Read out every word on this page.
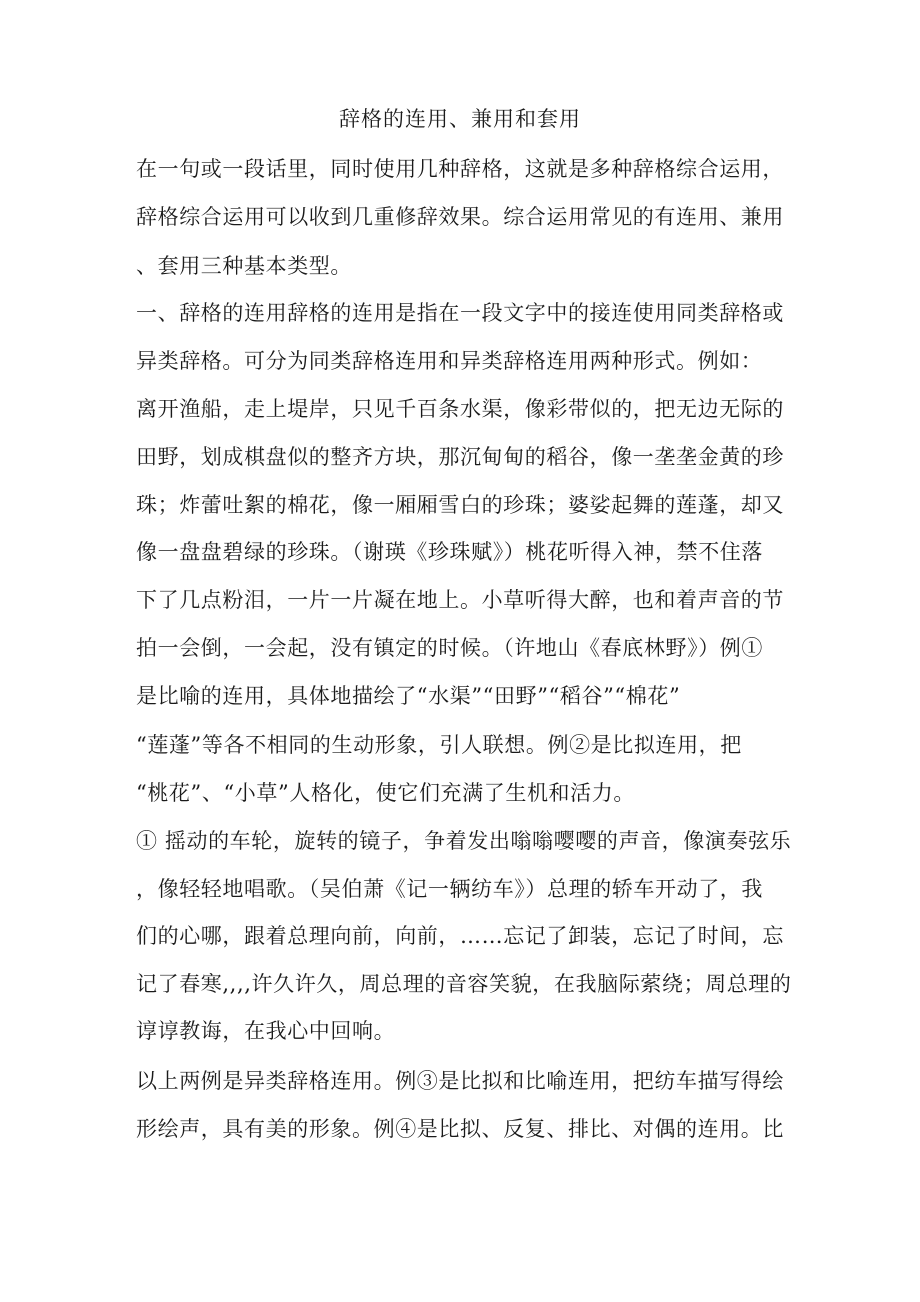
辞格的连用、兼用和套用
在一句或一段话里，同时使用几种辞格，这就是多种辞格综合运用，
辞格综合运用可以收到几重修辞效果。综合运用常见的有连用、兼用
、套用三种基本类型。
一、辞格的连用辞格的连用是指在一段文字中的接连使用同类辞格或
异类辞格。可分为同类辞格连用和异类辞格连用两种形式。例如：
离开渔船，走上堤岸，只见千百条水渠，像彩带似的，把无边无际的
田野，划成棋盘似的整齐方块，那沉甸甸的稻谷，像一垄垄金黄的珍
珠；炸蕾吐絮的棉花，像一厢厢雪白的珍珠；婆娑起舞的莲蓬，却又
像一盘盘碧绿的珍珠。（谢瑛《珍珠赋》）桃花听得入神，禁不住落
下了几点粉泪，一片一片凝在地上。小草听得大醉，也和着声音的节
拍一会倒，一会起，没有镇定的时候。（许地山《春底林野》）例①
是比喻的连用，具体地描绘了“水渠”“田野”“稻谷”“棉花”
“莲蓬”等各不相同的生动形象，引人联想。例②是比拟连用，把
“桃花”、“小草”人格化，使它们充满了生机和活力。
① 摇动的车轮，旋转的镜子，争着发出嗡嗡嘤嘤的声音，像演奏弦乐
，像轻轻地唱歌。（吴伯萧《记一辆纺车》）总理的轿车开动了，我
们的心哪，跟着总理向前，向前，……忘记了卸装，忘记了时间，忘
记了春寒,,,,许久许久，周总理的音容笑貌，在我脑际萦绕；周总理的
谆谆教诲，在我心中回响。
以上两例是异类辞格连用。例③是比拟和比喻连用，把纺车描写得绘
形绘声，具有美的形象。例④是比拟、反复、排比、对偶的连用。比
